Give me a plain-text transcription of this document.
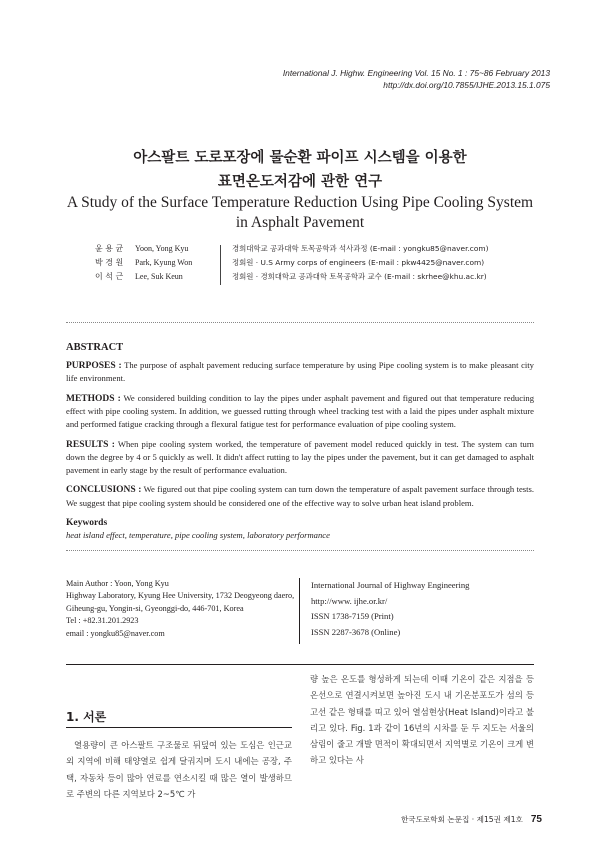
International J. Highw. Engineering Vol. 15 No. 1 : 75~86 February 2013
http://dx.doi.org/10.7855/IJHE.2013.15.1.075
아스팔트 도로포장에 물순환 파이프 시스템을 이용한
표면온도저감에 관한 연구
A Study of the Surface Temperature Reduction Using Pipe Cooling System
in Asphalt Pavement
윤 용 균
박 경 원
이 석 근
Yoon, Yong Kyu
Park, Kyung Won
Lee, Suk Keun
경희대학교 공과대학 토목공학과 석사과정 (E-mail : yongku85@naver.com)
정회원 · U.S Army corps of engineers (E-mail : pkw4425@naver.com)
정회원 · 경희대학교 공과대학 토목공학과 교수 (E-mail : skrhee@khu.ac.kr)
ABSTRACT

PURPOSES : The purpose of asphalt pavement reducing surface temperature by using Pipe cooling system is to make pleasant city life environment.

METHODS : We considered building condition to lay the pipes under asphalt pavement and figured out that temperature reducing effect with pipe cooling system. In addition, we guessed rutting through wheel tracking test with a laid the pipes under asphalt mixture and performed fatigue cracking through a flexural fatigue test for performance evaluation of pipe cooling system.

RESULTS : When pipe cooling system worked, the temperature of pavement model reduced quickly in test. The system can turn down the degree by 4 or 5 quickly as well. It didn't affect rutting to lay the pipes under the pavement, but it can get damaged to asphalt pavement in early stage by the result of performance evaluation.

CONCLUSIONS : We figured out that pipe cooling system can turn down the temperature of aspalt pavement surface through tests. We suggest that pipe cooling system should be considered one of the effective way to solve urban heat island problem.

Keywords

heat island effect, temperature, pipe cooling system, laboratory performance

Main Author : Yoon, Yong Kyu
Highway Laboratory, Kyung Hee University, 1732 Deogyeong daero,
Giheung-gu, Yongin-si, Gyeonggi-do, 446-701, Korea
Tel : +82.31.201.2923
email : yongku85@naver.com
International Journal of Highway Engineering
http://www. ijhe.or.kr/
ISSN 1738-7159 (Print)
ISSN 2287-3678 (Online)
1. 서론

열용량이 큰 아스팔트 구조물로 뒤덮여 있는 도심은 인근교외 지역에 비해 태양열로 쉽게 달궈지며 도시 내에는 공장, 주택, 자동차 등이 많아 연료를 연소시킬 때 많은 열이 발생하므로 주변의 다른 지역보다 2~5℃ 가

량 높은 온도를 형성하게 되는데 이때 기온이 같은 지점을 등온선으로 연결시켜보면 높아진 도시 내 기온분포도가 섬의 등고선 같은 형태를 띠고 있어 열섬현상(Heat Island)이라고 불리고 있다. Fig. 1과 같이 16년의 시차를 둔 두 지도는 서울의 삼림이 줄고 개발 면적이 확대되면서 지역별로 기온이 크게 변하고 있다는 사

한국도로학회 논문집 · 제15권 제1호 75
